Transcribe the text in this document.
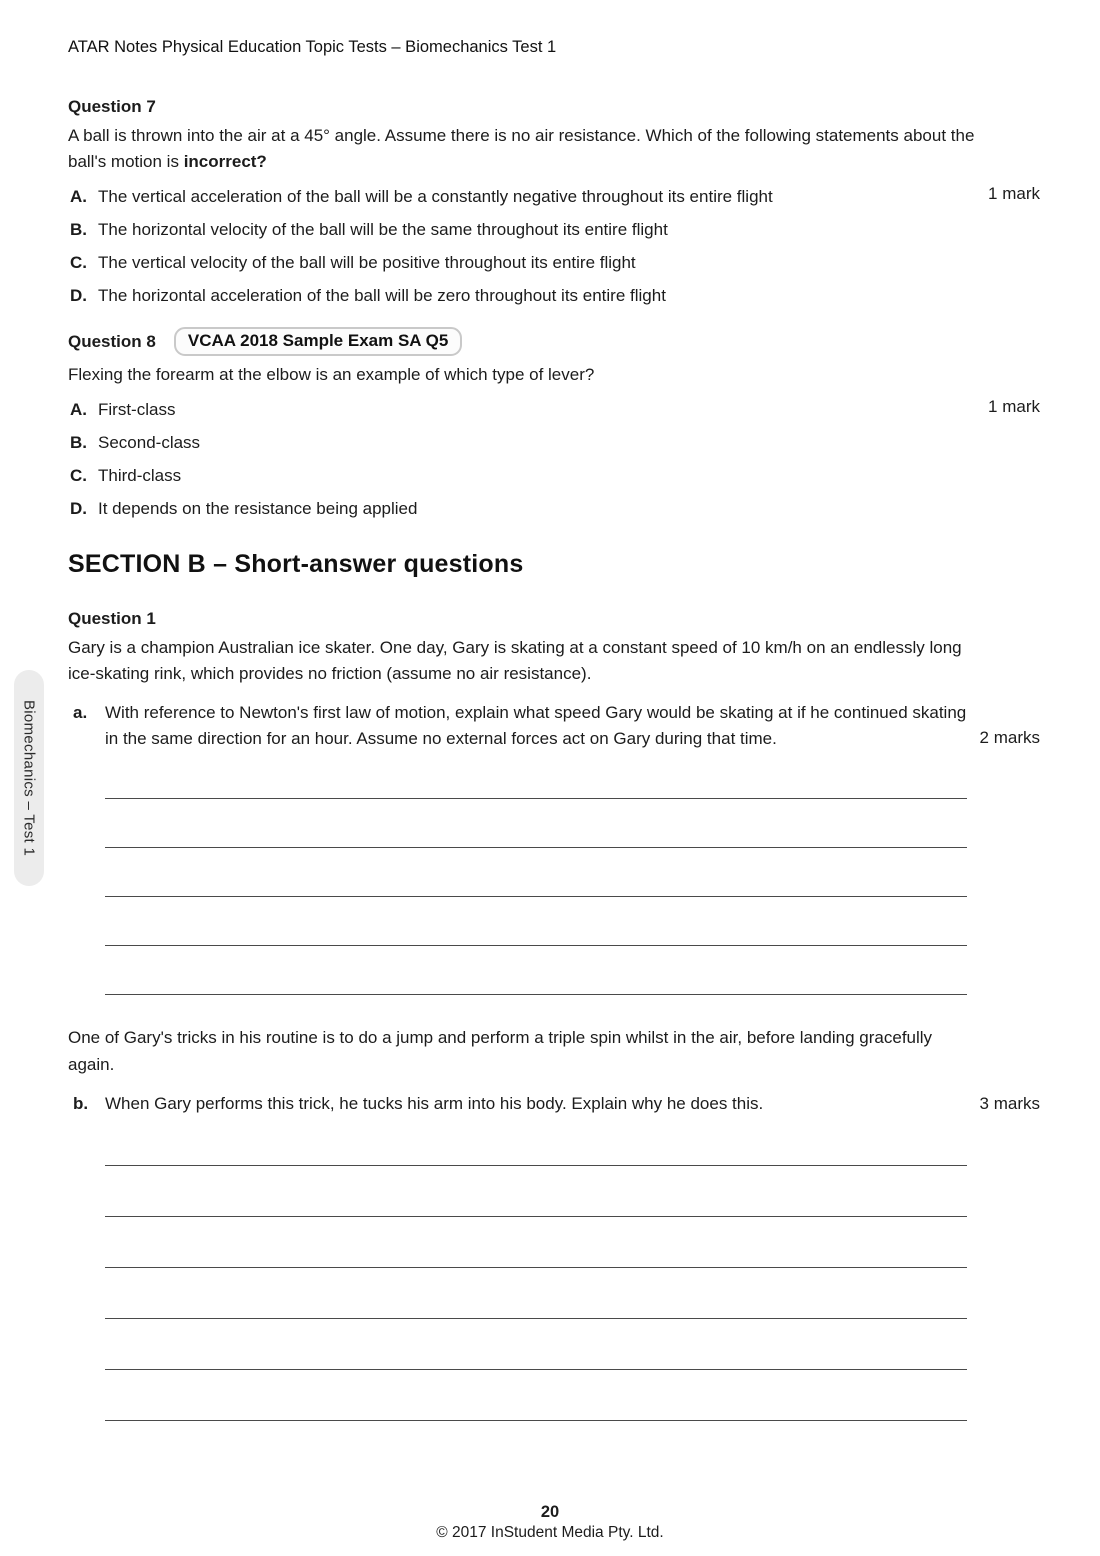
Biomechanics – Test 1
ATAR Notes Physical Education Topic Tests – Biomechanics Test 1
Question 7
A ball is thrown into the air at a 45° angle. Assume there is no air resistance. Which of the following statements about the ball's motion is incorrect?
1 mark
A. The vertical acceleration of the ball will be a constantly negative throughout its entire flight
B. The horizontal velocity of the ball will be the same throughout its entire flight
C. The vertical velocity of the ball will be positive throughout its entire flight
D. The horizontal acceleration of the ball will be zero throughout its entire flight
Question 8	VCAA 2018 Sample Exam SA Q5
Flexing the forearm at the elbow is an example of which type of lever?
1 mark
A. First-class
B. Second-class
C. Third-class
D. It depends on the resistance being applied
SECTION B – Short-answer questions
Question 1
Gary is a champion Australian ice skater. One day, Gary is skating at a constant speed of 10 km/h on an endlessly long ice-skating rink, which provides no friction (assume no air resistance).
a.	With reference to Newton's first law of motion, explain what speed Gary would be skating at if he continued skating in the same direction for an hour. Assume no external forces act on Gary during that time.	2 marks
One of Gary's tricks in his routine is to do a jump and perform a triple spin whilst in the air, before landing gracefully again.
b. When Gary performs this trick, he tucks his arm into his body. Explain why he does this.	3 marks
20
© 2017 InStudent Media Pty. Ltd.
